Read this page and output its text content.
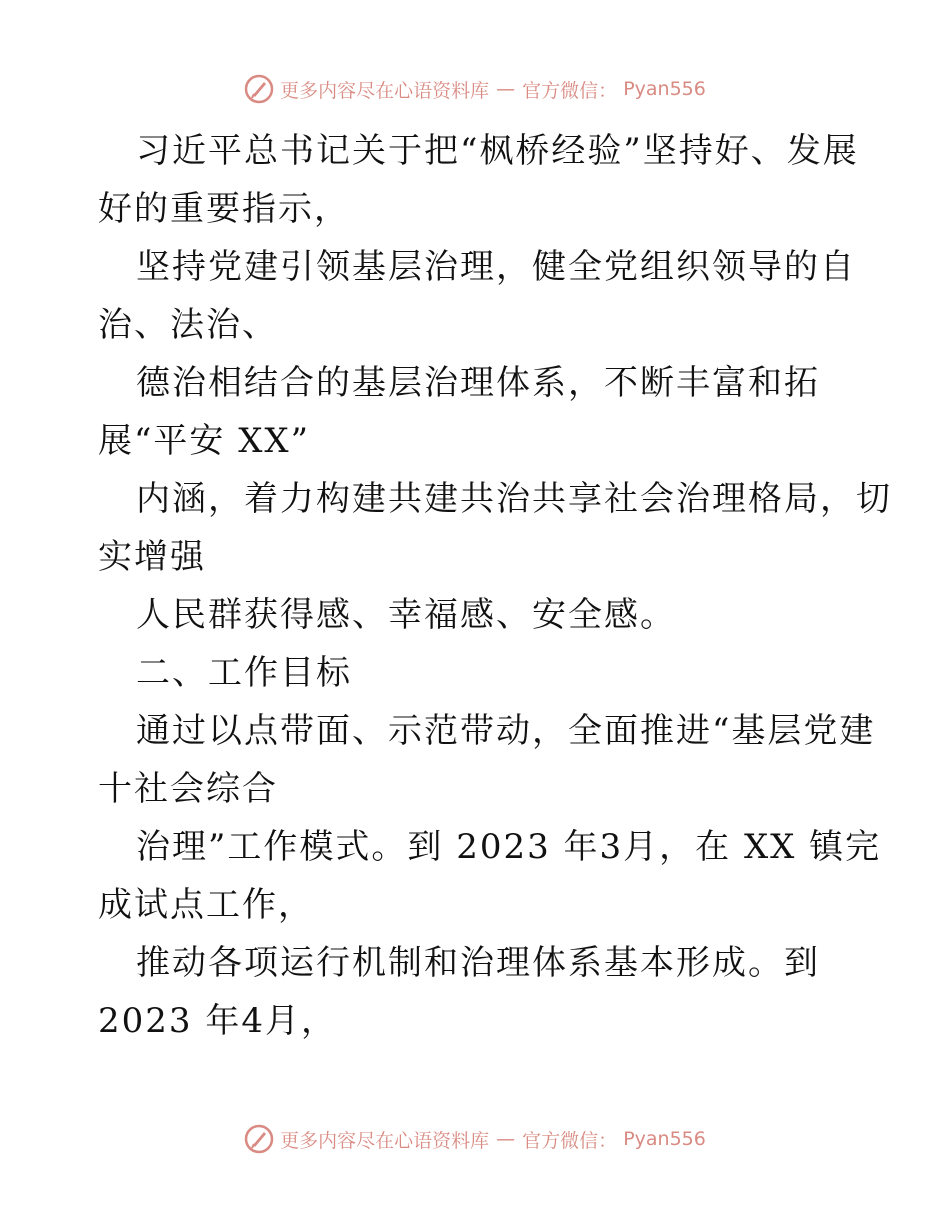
更多内容尽在心语资料库 — 官方微信： Pyan556

习近平总书记关于把“枫桥经验”坚持好、发展

好的重要指示，

坚持党建引领基层治理，健全党组织领导的自

治、法治、

德治相结合的基层治理体系，不断丰富和拓

展“平安 XX”

内涵，着力构建共建共治共享社会治理格局，切

实增强

人民群获得感、幸福感、安全感。

二、工作目标

通过以点带面、示范带动，全面推进“基层党建

十社会综合

治理”工作模式。到 2023 年3月，在 XX 镇完

成试点工作，

推动各项运行机制和治理体系基本形成。到

2023 年4月，

更多内容尽在心语资料库 — 官方微信： Pyan556
